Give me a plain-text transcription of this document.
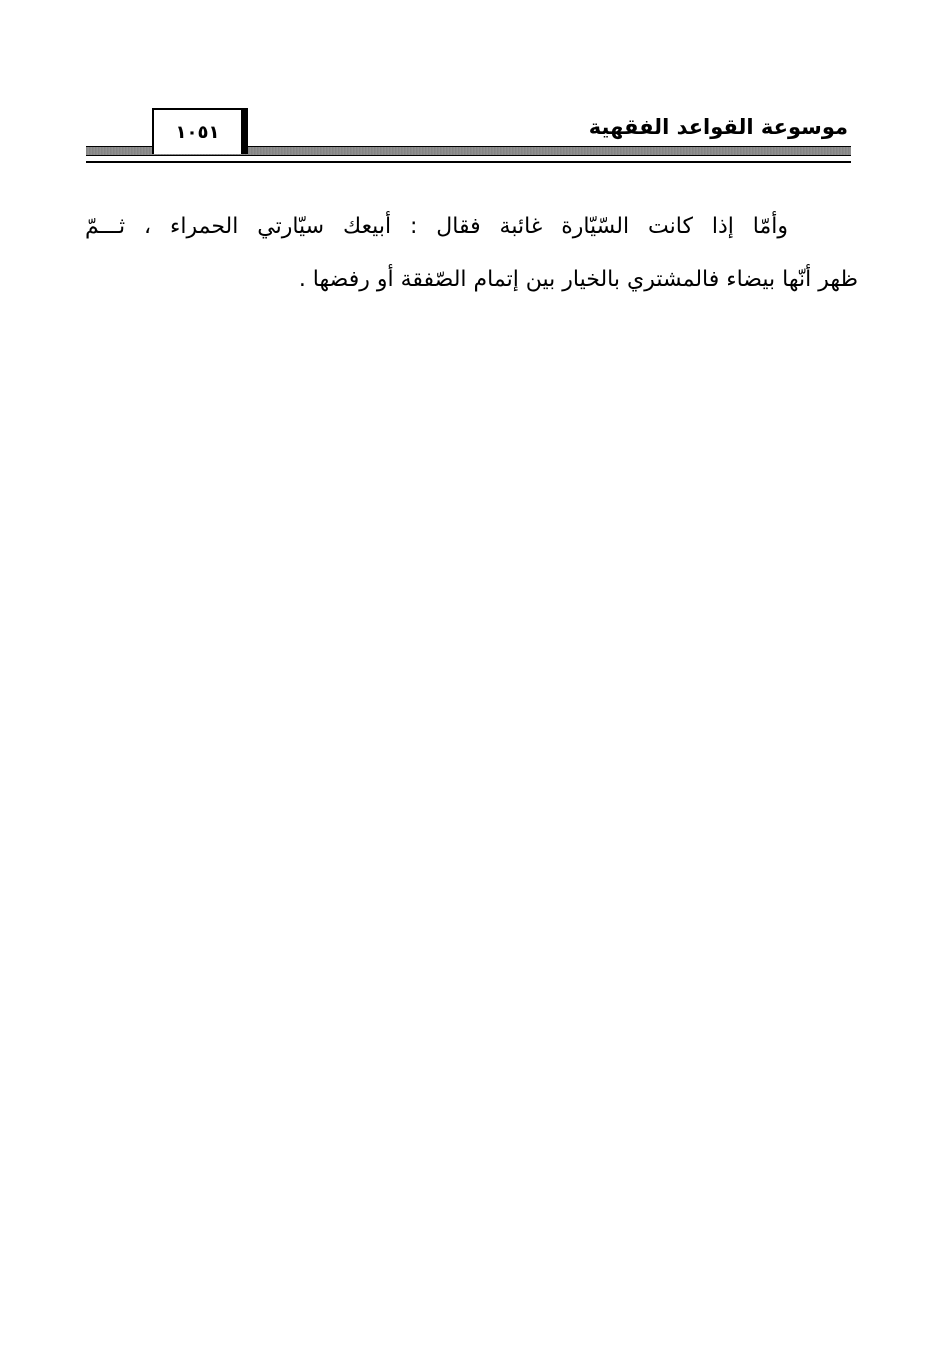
١٠٥١	موسوعة القواعد الفقهية
وأمّا إذا كانت السّيّارة غائبة فقال : أبيعك سيّارتي الحمراء ، ثـــمّ
ظهر أنّها بيضاء فالمشتري بالخيار بين إتمام الصّفقة أو رفضها .
